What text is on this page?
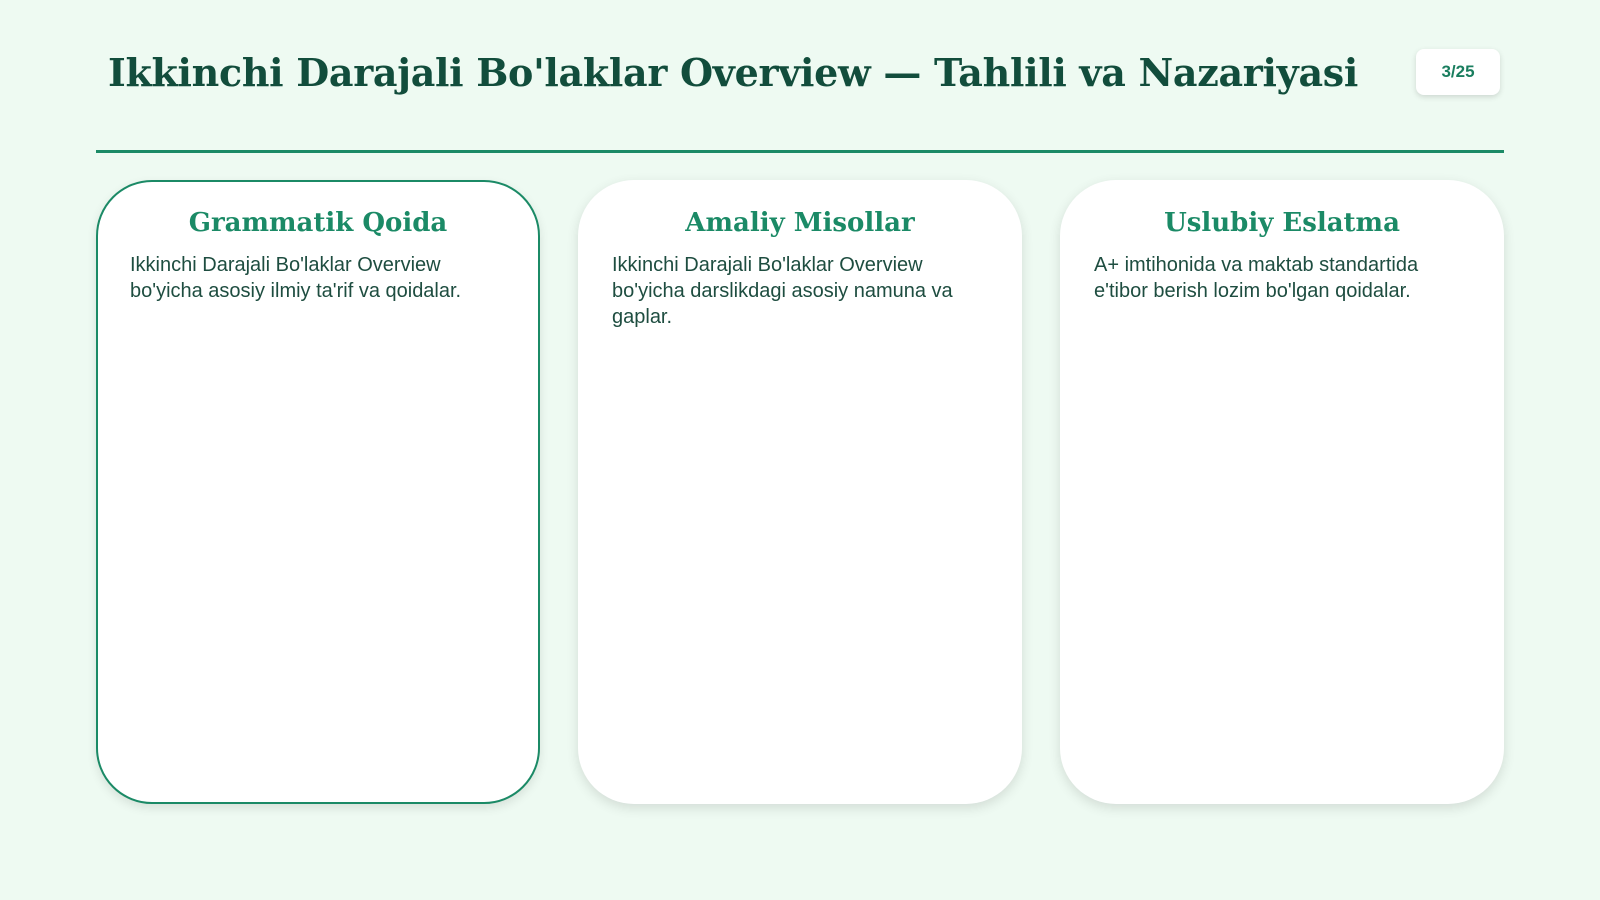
Ikkinchi Darajali Bo'laklar Overview — Tahlili va Nazariyasi	3/25
Grammatik Qoida

Ikkinchi Darajali Bo'laklar Overview bo'yicha asosiy ilmiy ta'rif va qoidalar.

Amaliy Misollar

Ikkinchi Darajali Bo'laklar Overview bo'yicha darslikdagi asosiy namuna va gaplar.

Uslubiy Eslatma

A+ imtihonida va maktab standartida e'tibor berish lozim bo'lgan qoidalar.
